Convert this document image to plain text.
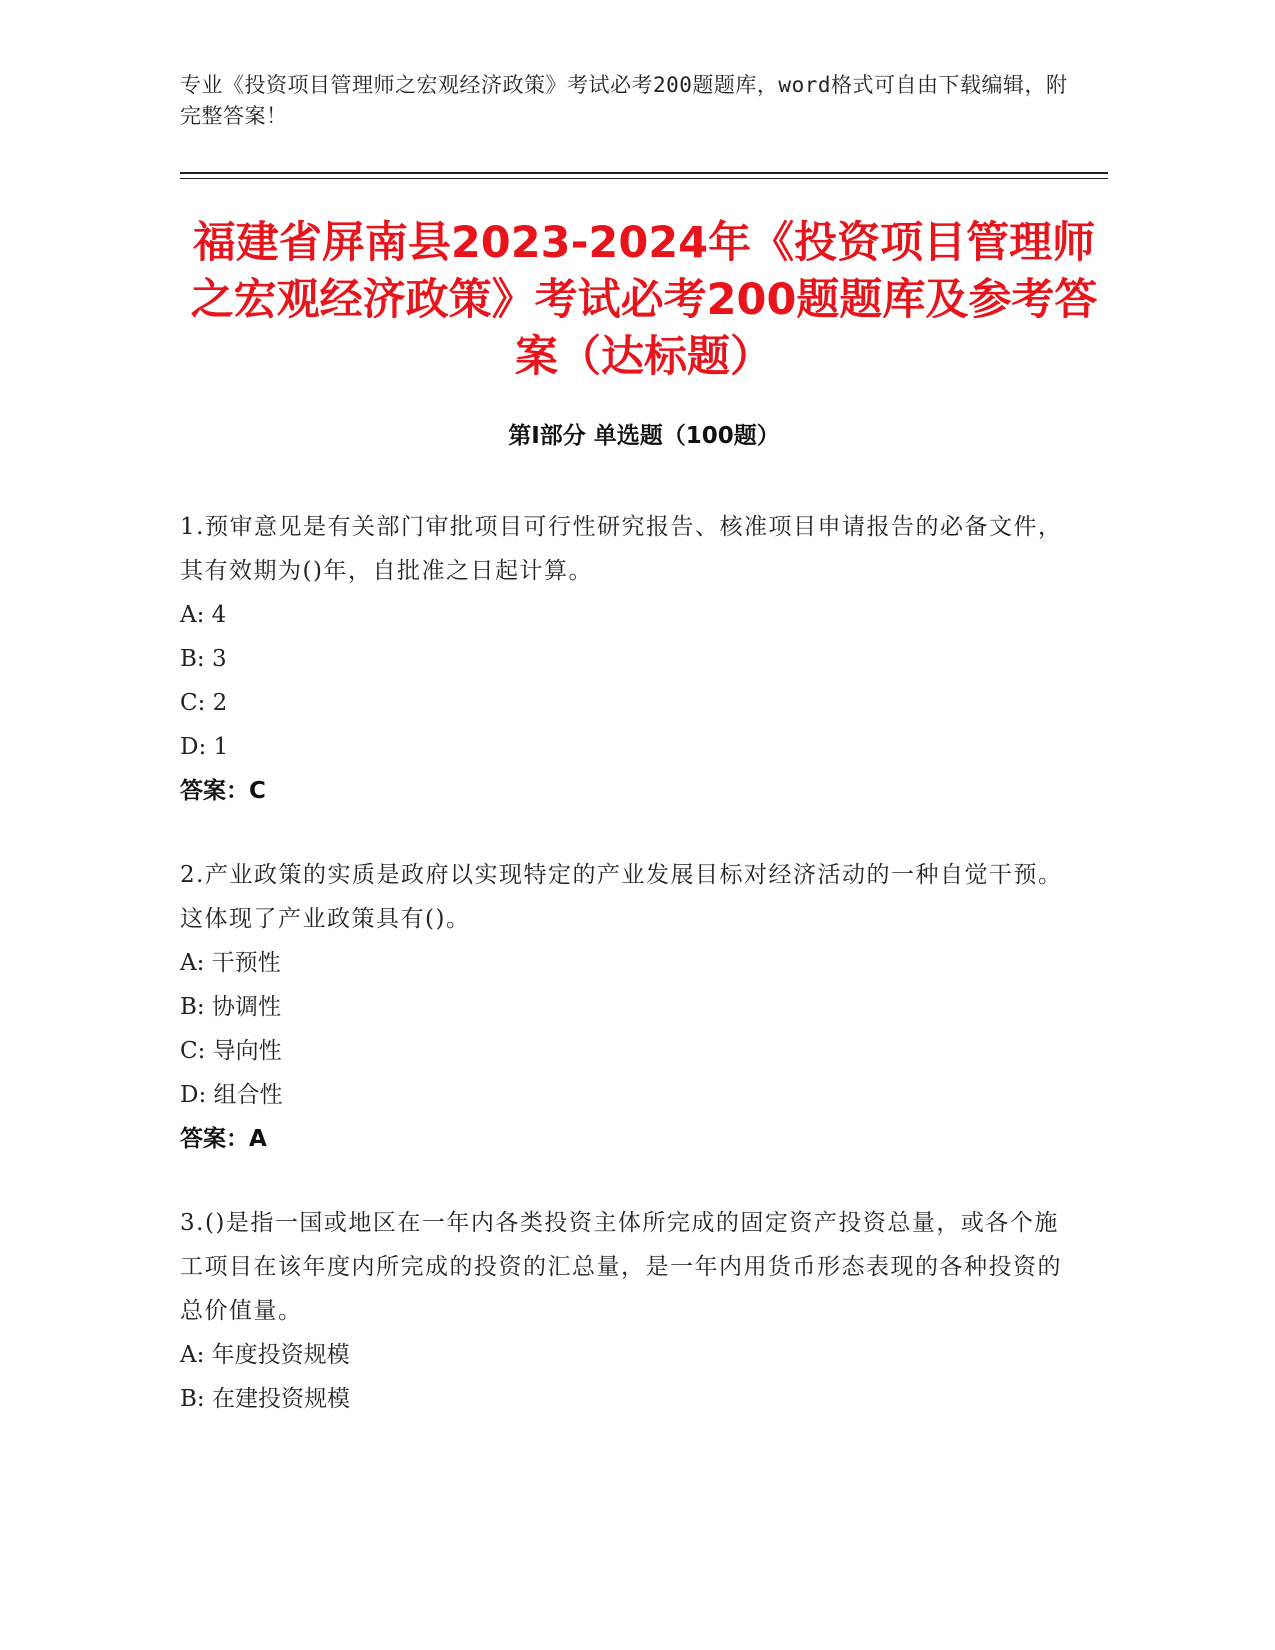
专业《投资项目管理师之宏观经济政策》考试必考200题题库，word格式可自由下载编辑，附完整答案！
福建省屏南县2023-2024年《投资项目管理师之宏观经济政策》考试必考200题题库及参考答案（达标题）
第Ⅰ部分 单选题（100题）
1.预审意见是有关部门审批项目可行性研究报告、核准项目申请报告的必备文件，其有效期为()年，自批准之日起计算。
A: 4
B: 3
C: 2
D: 1
答案：C
2.产业政策的实质是政府以实现特定的产业发展目标对经济活动的一种自觉干预。这体现了产业政策具有()。
A: 干预性
B: 协调性
C: 导向性
D: 组合性
答案：A
3.()是指一国或地区在一年内各类投资主体所完成的固定资产投资总量，或各个施工项目在该年度内所完成的投资的汇总量，是一年内用货币形态表现的各种投资的总价值量。
A: 年度投资规模
B: 在建投资规模
